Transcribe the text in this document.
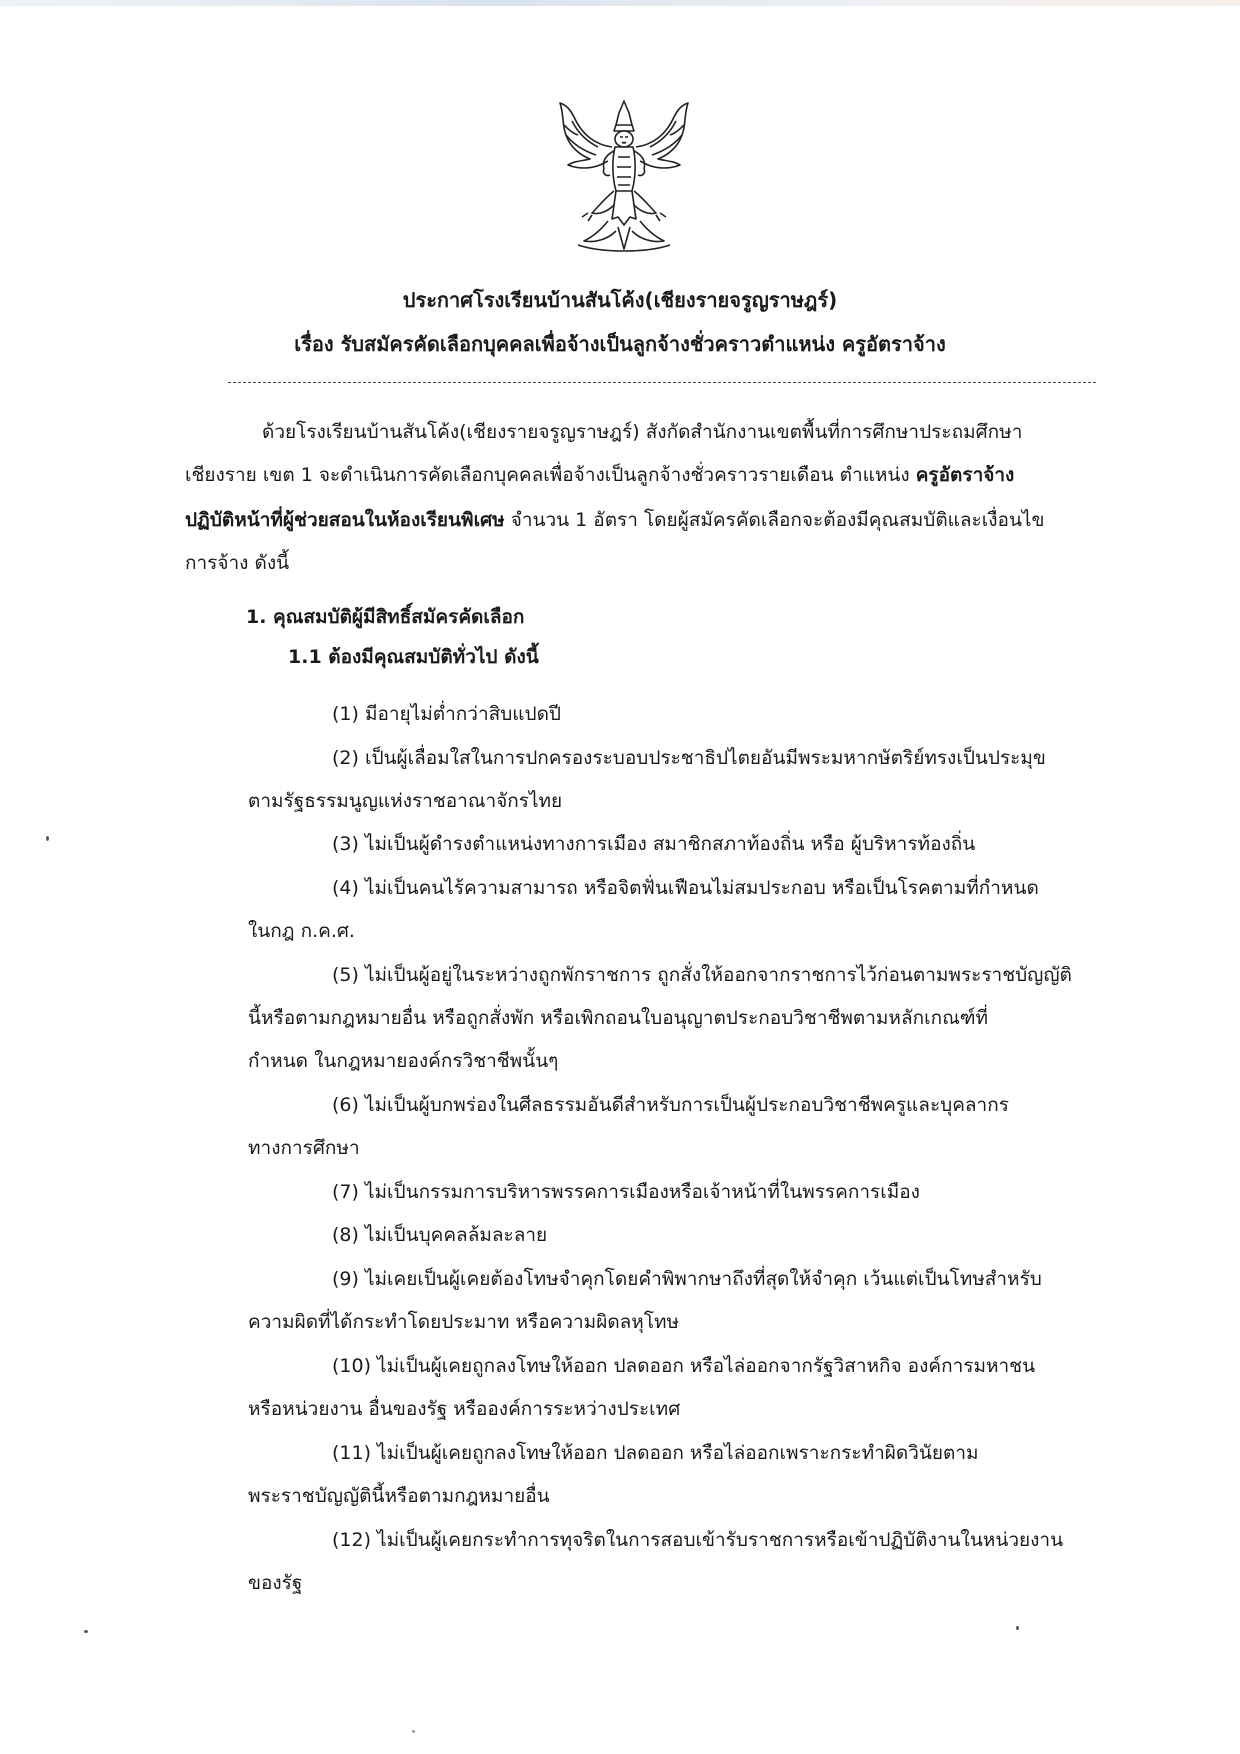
ประกาศโรงเรียนบ้านสันโค้ง(เชียงรายจรูญราษฎร์)
เรื่อง รับสมัครคัดเลือกบุคคลเพื่อจ้างเป็นลูกจ้างชั่วคราวตำแหน่ง ครูอัตราจ้าง
ด้วยโรงเรียนบ้านสันโค้ง(เชียงรายจรูญราษฎร์) สังกัดสำนักงานเขตพื้นที่การศึกษาประถมศึกษา
เชียงราย เขต 1 จะดำเนินการคัดเลือกบุคคลเพื่อจ้างเป็นลูกจ้างชั่วคราวรายเดือน ตำแหน่ง ครูอัตราจ้าง
ปฏิบัติหน้าที่ผู้ช่วยสอนในห้องเรียนพิเศษ จำนวน 1 อัตรา โดยผู้สมัครคัดเลือกจะต้องมีคุณสมบัติและเงื่อนไข
การจ้าง ดังนี้
1. คุณสมบัติผู้มีสิทธิ์สมัครคัดเลือก
1.1 ต้องมีคุณสมบัติทั่วไป ดังนี้
(1) มีอายุไม่ต่ำกว่าสิบแปดปี
(2) เป็นผู้เลื่อมใสในการปกครองระบอบประชาธิปไตยอันมีพระมหากษัตริย์ทรงเป็นประมุข
ตามรัฐธรรมนูญแห่งราชอาณาจักรไทย
(3) ไม่เป็นผู้ดำรงตำแหน่งทางการเมือง สมาชิกสภาท้องถิ่น หรือ ผู้บริหารท้องถิ่น
(4) ไม่เป็นคนไร้ความสามารถ หรือจิตฟั่นเฟือนไม่สมประกอบ หรือเป็นโรคตามที่กำหนด
ในกฎ ก.ค.ศ.
(5) ไม่เป็นผู้อยู่ในระหว่างถูกพักราชการ ถูกสั่งให้ออกจากราชการไว้ก่อนตามพระราชบัญญัติ
นี้หรือตามกฎหมายอื่น หรือถูกสั่งพัก หรือเพิกถอนใบอนุญาตประกอบวิชาชีพตามหลักเกณฑ์ที่
กำหนด ในกฎหมายองค์กรวิชาชีพนั้นๆ
(6) ไม่เป็นผู้บกพร่องในศีลธรรมอันดีสำหรับการเป็นผู้ประกอบวิชาชีพครูและบุคลากร
ทางการศึกษา
(7) ไม่เป็นกรรมการบริหารพรรคการเมืองหรือเจ้าหน้าที่ในพรรคการเมือง
(8) ไม่เป็นบุคคลล้มละลาย
(9) ไม่เคยเป็นผู้เคยต้องโทษจำคุกโดยคำพิพากษาถึงที่สุดให้จำคุก เว้นแต่เป็นโทษสำหรับ
ความผิดที่ได้กระทำโดยประมาท หรือความผิดลหุโทษ
(10) ไม่เป็นผู้เคยถูกลงโทษให้ออก ปลดออก หรือไล่ออกจากรัฐวิสาหกิจ องค์การมหาชน
หรือหน่วยงาน อื่นของรัฐ หรือองค์การระหว่างประเทศ
(11) ไม่เป็นผู้เคยถูกลงโทษให้ออก ปลดออก หรือไล่ออกเพราะกระทำผิดวินัยตาม
พระราชบัญญัตินี้หรือตามกฎหมายอื่น
(12) ไม่เป็นผู้เคยกระทำการทุจริตในการสอบเข้ารับราชการหรือเข้าปฏิบัติงานในหน่วยงาน
ของรัฐ
